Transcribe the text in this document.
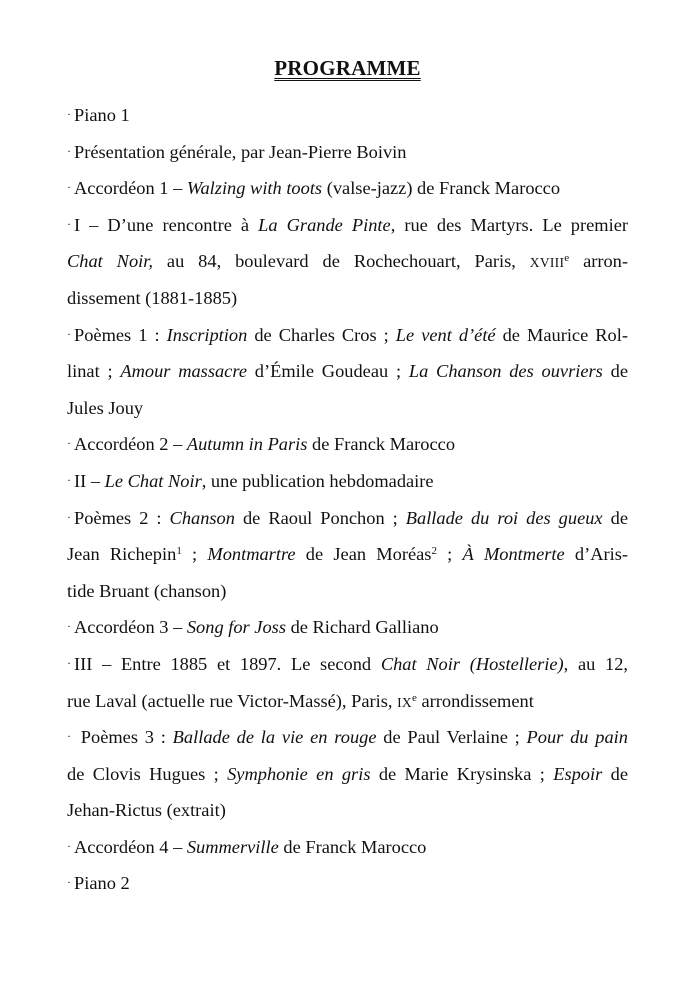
PROGRAMME
· Piano 1
· Présentation générale, par Jean-Pierre Boivin
· Accordéon 1 – Walzing with toots (valse-jazz) de Franck Marocco
· I – D’une rencontre à La Grande Pinte, rue des Martyrs. Le premier
Chat Noir, au 84, boulevard de Rochechouart, Paris, XVIIIe arron-
dissement (1881-1885)
· Poèmes 1 : Inscription de Charles Cros ; Le vent d’été de Maurice Rol-
linat ; Amour massacre d’Émile Goudeau ; La Chanson des ouvriers de
Jules Jouy
· Accordéon 2 – Autumn in Paris de Franck Marocco
· II – Le Chat Noir, une publication hebdomadaire
· Poèmes 2 : Chanson de Raoul Ponchon ; Ballade du roi des gueux de
Jean Richepin$^1$ ; Montmartre de Jean Moréas$^2$ ; À Montmerte d’Aris-
tide Bruant (chanson)
· Accordéon 3 – Song for Joss de Richard Galliano
· III – Entre 1885 et 1897. Le second Chat Noir (Hostellerie), au 12,
rue Laval (actuelle rue Victor-Massé), Paris, IXe arrondissement
· Poèmes 3 : Ballade de la vie en rouge de Paul Verlaine ; Pour du pain
de Clovis Hugues ; Symphonie en gris de Marie Krysinska ; Espoir de
Jehan-Rictus (extrait)
· Accordéon 4 – Summerville de Franck Marocco
· Piano 2
